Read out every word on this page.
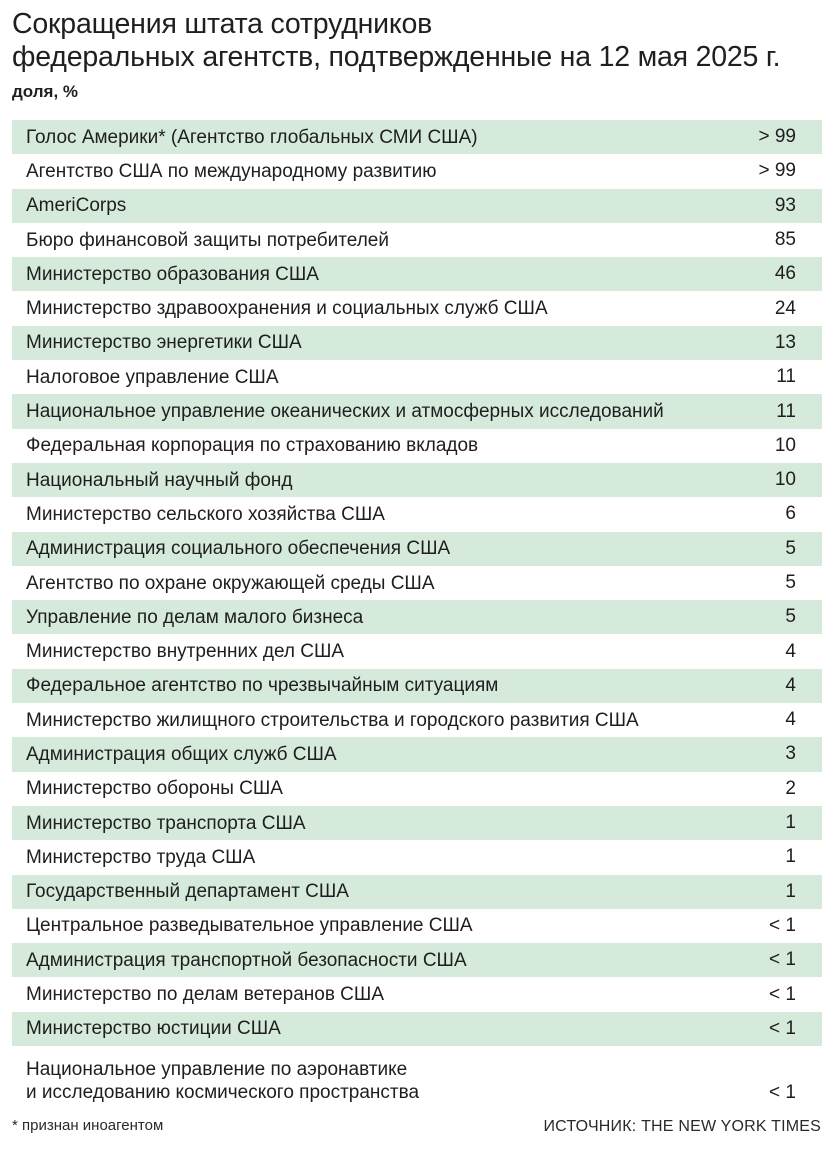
Сокращения штата сотрудников
федеральных агентств, подтвержденные на 12 мая 2025 г.
доля, %
Голос Америки* (Агентство глобальных СМИ США)	> 99
Агентство США по международному развитию	> 99
AmeriCorps	93
Бюро финансовой защиты потребителей	85
Министерство образования США	46
Министерство здравоохранения и социальных служб США	24
Министерство энергетики США	13
Налоговое управление США	11
Национальное управление океанических и атмосферных исследований	11
Федеральная корпорация по страхованию вкладов	10
Национальный научный фонд	10
Министерство сельского хозяйства США	6
Администрация социального обеспечения США	5
Агентство по охране окружающей среды США	5
Управление по делам малого бизнеса	5
Министерство внутренних дел США	4
Федеральное агентство по чрезвычайным ситуациям	4
Министерство жилищного строительства и городского развития США	4
Администрация общих служб США	3
Министерство обороны США	2
Министерство транспорта США	1
Министерство труда США	1
Государственный департамент США	1
Центральное разведывательное управление США	< 1
Администрация транспортной безопасности США	< 1
Министерство по делам ветеранов США	< 1
Министерство юстиции США	< 1
Национальное управление по аэронавтике
и исследованию космического пространства	< 1
* признан иноагентом	ИСТОЧНИК: THE NEW YORK TIMES
